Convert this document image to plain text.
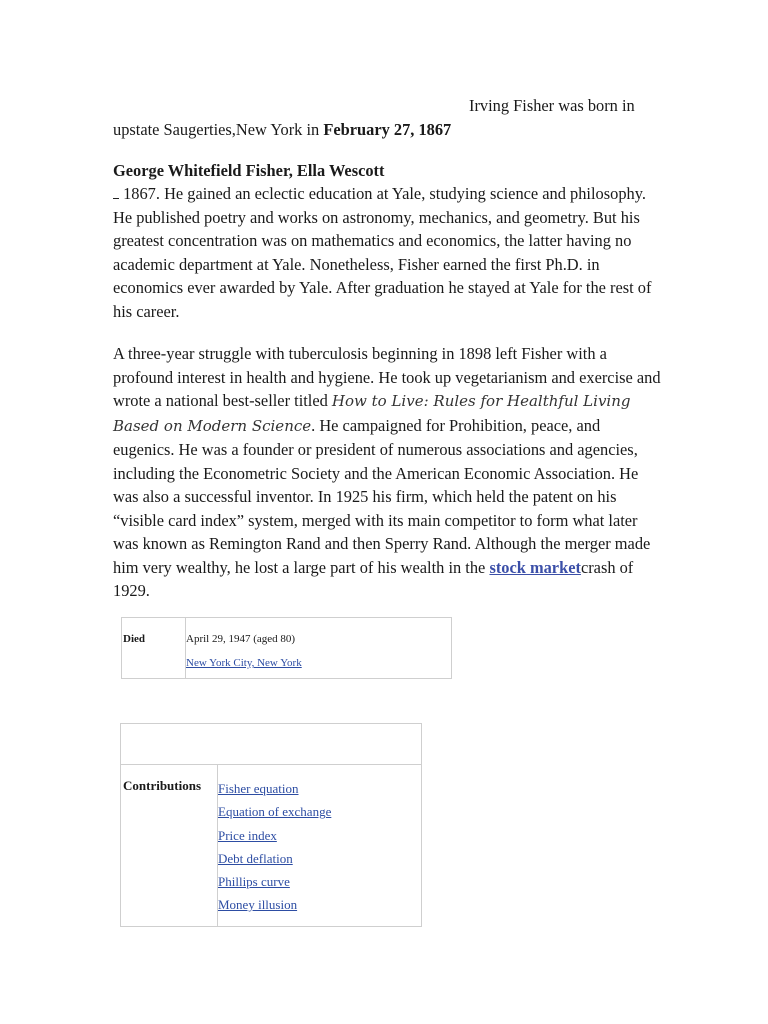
Irving Fisher was born in

upstate Saugerties,New York in February 27, 1867

George Whitefield Fisher, Ella Wescott

1867. He gained an eclectic education at Yale, studying science and philosophy. He published poetry and works on astronomy, mechanics, and geometry. But his greatest concentration was on mathematics and economics, the latter having no academic department at Yale. Nonetheless, Fisher earned the first Ph.D. in economics ever awarded by Yale. After graduation he stayed at Yale for the rest of his career.

A three-year struggle with tuberculosis beginning in 1898 left Fisher with a profound interest in health and hygiene. He took up vegetarianism and exercise and wrote a national best-seller titled How to Live: Rules for Healthful Living Based on Modern Science. He campaigned for Prohibition, peace, and eugenics. He was a founder or president of numerous associations and agencies, including the Econometric Society and the American Economic Association. He was also a successful inventor. In 1925 his firm, which held the patent on his “visible card index” system, merged with its main competitor to form what later was known as Remington Rand and then Sperry Rand. Although the merger made him very wealthy, he lost a large part of his wealth in the stock marketcrash of 1929.

Died	April 29, 1947 (aged 80)
New York City, New York
Contributions Fisher equation
Equation of exchange
Price index
Debt deflation
Phillips curve
Money illusion
